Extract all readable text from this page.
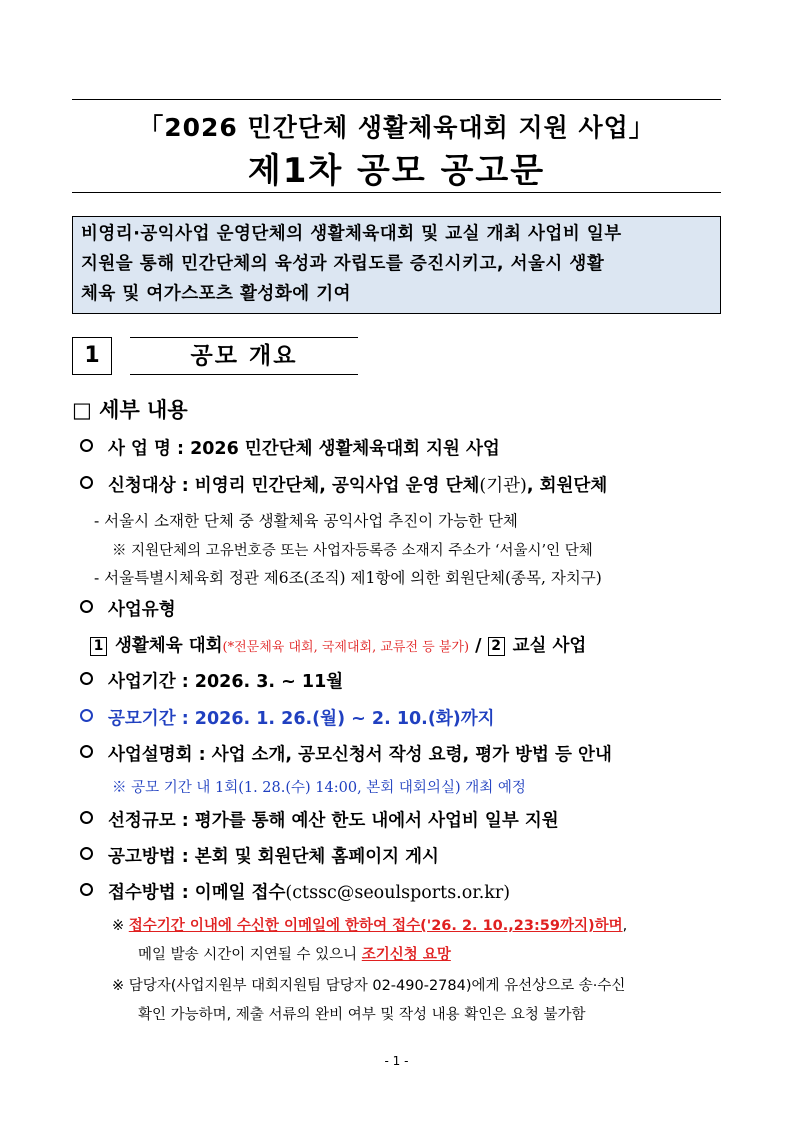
「2026 민간단체 생활체육대회 지원 사업」
제1차 공모 공고문
비영리·공익사업 운영단체의 생활체육대회 및 교실 개최 사업비 일부
지원을 통해 민간단체의 육성과 자립도를 증진시키고, 서울시 생활
체육 및 여가스포츠 활성화에 기여
1	공모 개요
□ 세부 내용
사 업 명 : 2026 민간단체 생활체육대회 지원 사업
신청대상 : 비영리 민간단체, 공익사업 운영 단체(기관), 회원단체
- 서울시 소재한 단체 중 생활체육 공익사업 추진이 가능한 단체
※ 지원단체의 고유번호증 또는 사업자등록증 소재지 주소가 ‘서울시’인 단체
- 서울특별시체육회 정관 제6조(조직) 제1항에 의한 회원단체(종목, 자치구)
사업유형
1 생활체육 대회(*전문체육 대회, 국제대회, 교류전 등 불가) / 2 교실 사업
사업기간 : 2026. 3. ~ 11월
공모기간 : 2026. 1. 26.(월) ~ 2. 10.(화)까지
사업설명회 : 사업 소개, 공모신청서 작성 요령, 평가 방법 등 안내
※ 공모 기간 내 1회(1. 28.(수) 14:00, 본회 대회의실) 개최 예정
선정규모 : 평가를 통해 예산 한도 내에서 사업비 일부 지원
공고방법 : 본회 및 회원단체 홈페이지 게시
접수방법 : 이메일 접수(ctssc@seoulsports.or.kr)
※ 접수기간 이내에 수신한 이메일에 한하여 접수('26. 2. 10.,23:59까지)하며,
메일 발송 시간이 지연될 수 있으니 조기신청 요망
※ 담당자(사업지원부 대회지원팀 담당자 02-490-2784)에게 유선상으로 송·수신
확인 가능하며, 제출 서류의 완비 여부 및 작성 내용 확인은 요청 불가함
- 1 -
